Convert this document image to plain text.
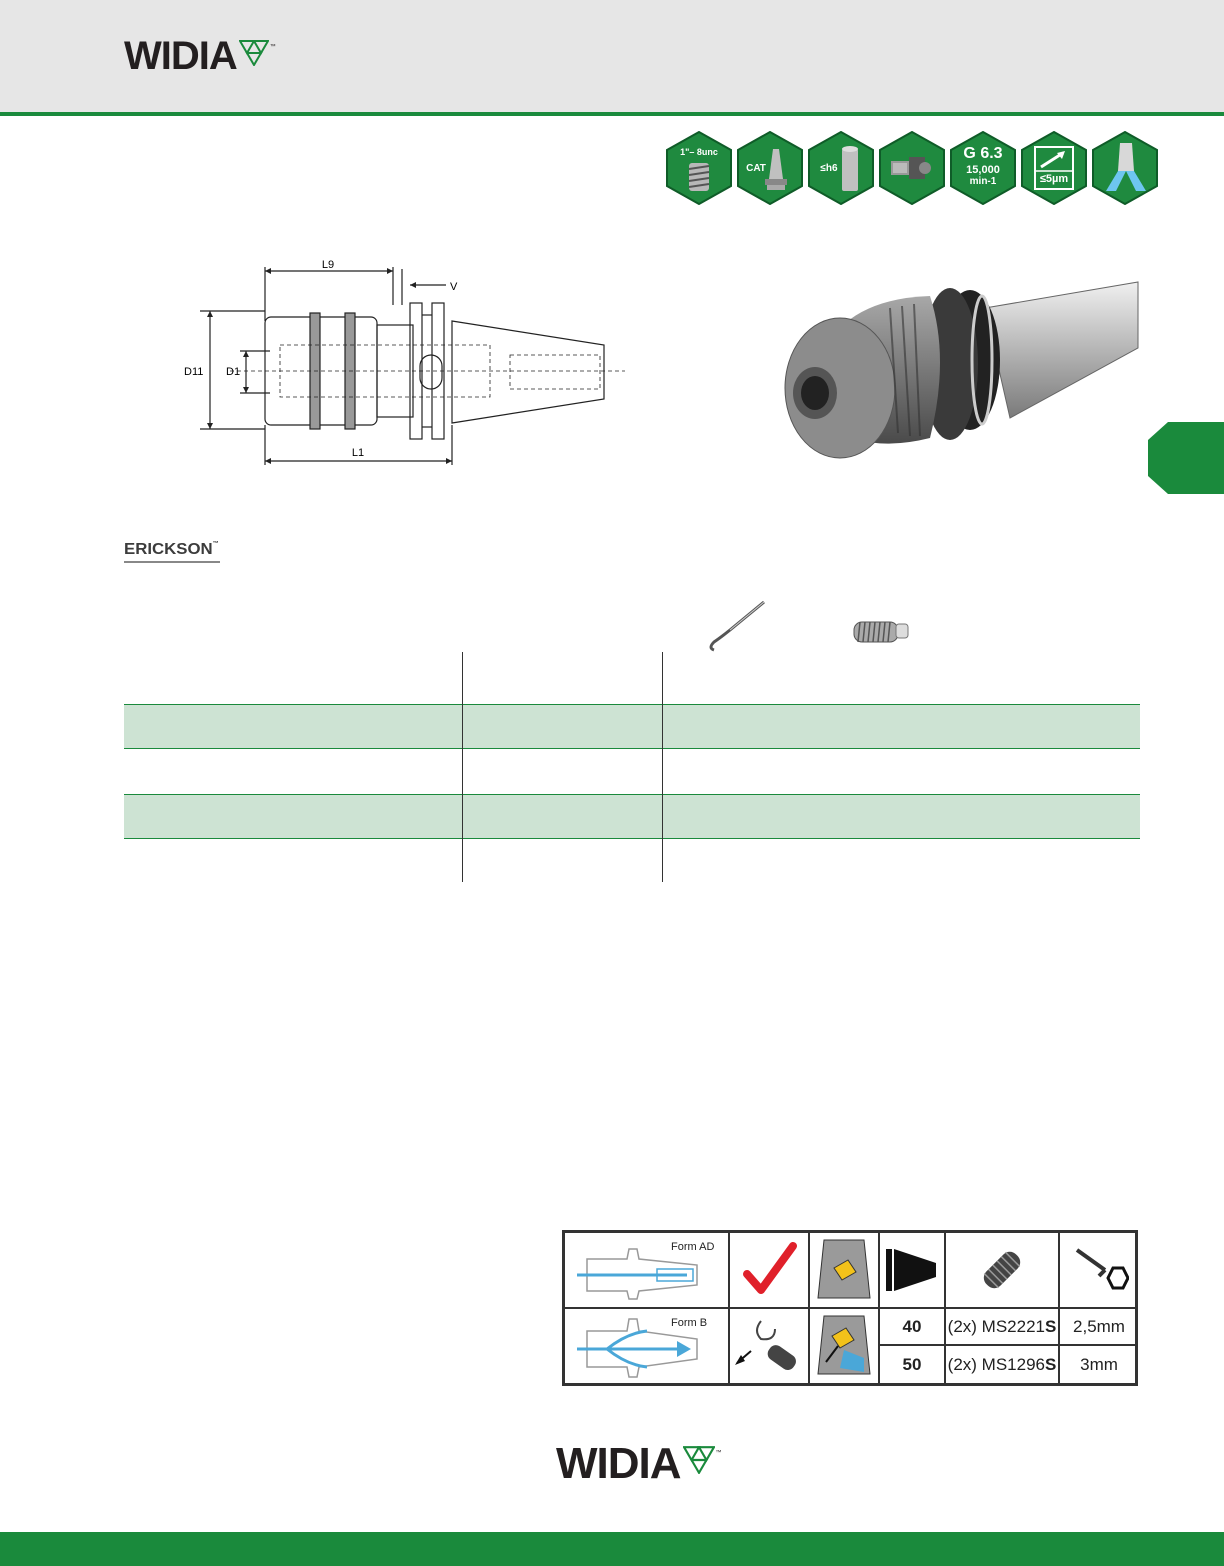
WIDIA	™
1"– 8unc
CAT	≤h6
G 6.3
15,000
min-1	≤5µm
L9
V
D11 D1
L1
ERICKSON™
Form AD
Form B	40 (2x) MS2221 S 2,5mm
50 (2x) MS1296 S 3mm
WIDIA	™
